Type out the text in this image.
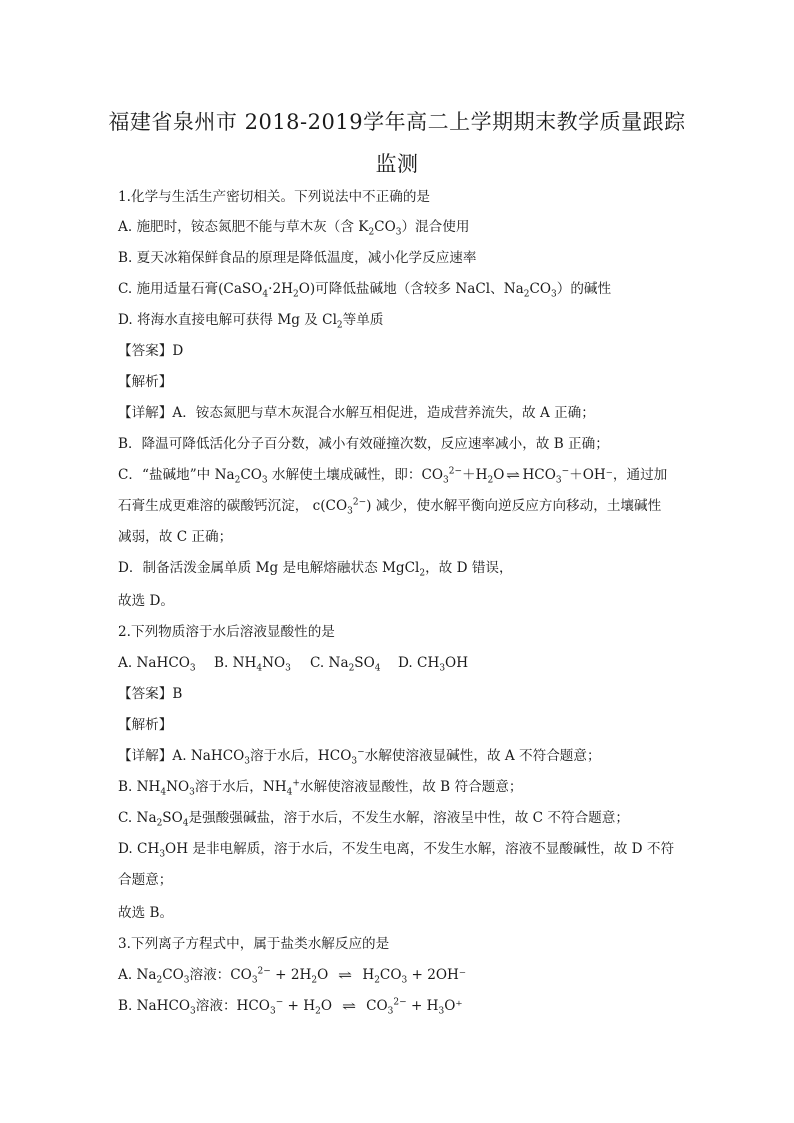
福建省泉州市 2018-2019学年高二上学期期末教学质量跟踪
监测
1.化学与生活生产密切相关。下列说法中不正确的是
A. 施肥时，铵态氮肥不能与草木灰（含 $K_2CO_3$）混合使用
B. 夏天冰箱保鲜食品的原理是降低温度，减小化学反应速率
C. 施用适量石膏$(CaSO_4\cdot 2H_2O)$可降低盐碱地（含较多 NaCl、$Na_2CO_3$）的碱性
D. 将海水直接电解可获得 Mg 及 $Cl_2$等单质
【答案】D
【解析】
【详解】A．铵态氮肥与草木灰混合水解互相促进，造成营养流失，故 A 正确；
B．降温可降低活化分子百分数，减小有效碰撞次数，反应速率减小，故 B 正确；
C．“盐碱地”中 $Na_2CO_3$ 水解使土壤成碱性，即：$CO_3^{2-}+H_2O$ ⇌ $HCO_3^-+OH^-$，通过加
石膏生成更难溶的碳酸钙沉淀， $c(CO_3^{2-})$ 减少，使水解平衡向逆反应方向移动，土壤碱性
减弱，故 C 正确；
D．制备活泼金属单质 Mg 是电解熔融状态 MgCl$_2$，故 D 错误，
故选 D。
2.下列物质溶于水后溶液显酸性的是
A. NaHCO$_3$ B. $NH_4NO_3$ C. $Na_2SO_4$ D. $CH_3OH$
【答案】B
【解析】
【详解】A. NaHCO$_3$溶于水后，$HCO_3^-$水解使溶液显碱性，故 A 不符合题意；
B. $NH_4NO_3$溶于水后，$NH_4^+$水解使溶液显酸性，故 B 符合题意；
C. $Na_2SO_4$是强酸强碱盐，溶于水后，不发生水解，溶液呈中性，故 C 不符合题意；
D. $CH_3OH$ 是非电解质，溶于水后，不发生电离，不发生水解，溶液不显酸碱性，故 D 不符
合题意；
故选 B。
3.下列离子方程式中，属于盐类水解反应的是
A. $Na_2CO_3$溶液：$CO_3^{2-} + 2H_2O$ ⇌ $H_2CO_3 + 2OH^-$
B. NaHCO$_3$溶液：$HCO_3^- + H_2O$ ⇌ $CO_3^{2-} + H_3O^+$
